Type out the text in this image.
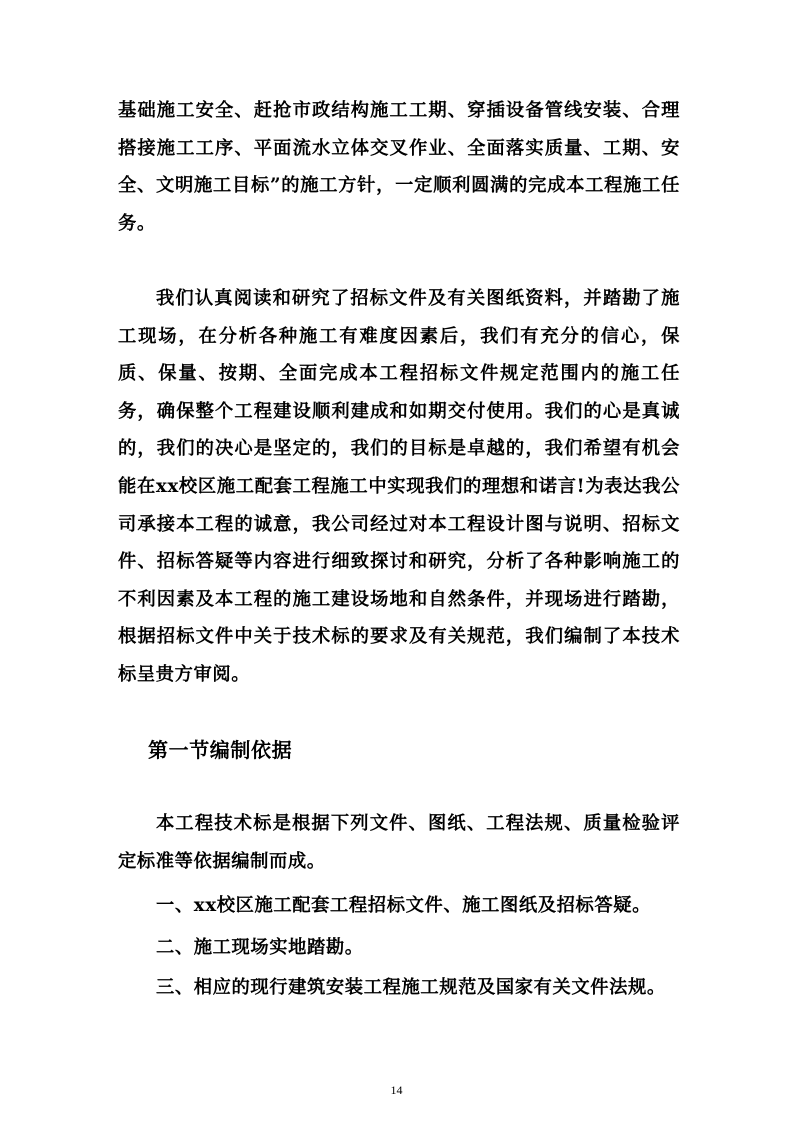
基础施工安全、赶抢市政结构施工工期、穿插设备管线安装、合理搭接施工工序、平面流水立体交叉作业、全面落实质量、工期、安全、文明施工目标”的施工方针，一定顺利圆满的完成本工程施工任务。

我们认真阅读和研究了招标文件及有关图纸资料，并踏勘了施工现场，在分析各种施工有难度因素后，我们有充分的信心，保质、保量、按期、全面完成本工程招标文件规定范围内的施工任务，确保整个工程建设顺利建成和如期交付使用。我们的心是真诚的，我们的决心是坚定的，我们的目标是卓越的，我们希望有机会能在xx校区施工配套工程施工中实现我们的理想和诺言!为表达我公司承接本工程的诚意，我公司经过对本工程设计图与说明、招标文件、招标答疑等内容进行细致探讨和研究，分析了各种影响施工的不利因素及本工程的施工建设场地和自然条件，并现场进行踏勘，根据招标文件中关于技术标的要求及有关规范，我们编制了本技术标呈贵方审阅。

第一节编制依据

本工程技术标是根据下列文件、图纸、工程法规、质量检验评定标准等依据编制而成。

一、xx校区施工配套工程招标文件、施工图纸及招标答疑。

二、施工现场实地踏勘。

三、相应的现行建筑安装工程施工规范及国家有关文件法规。

14
